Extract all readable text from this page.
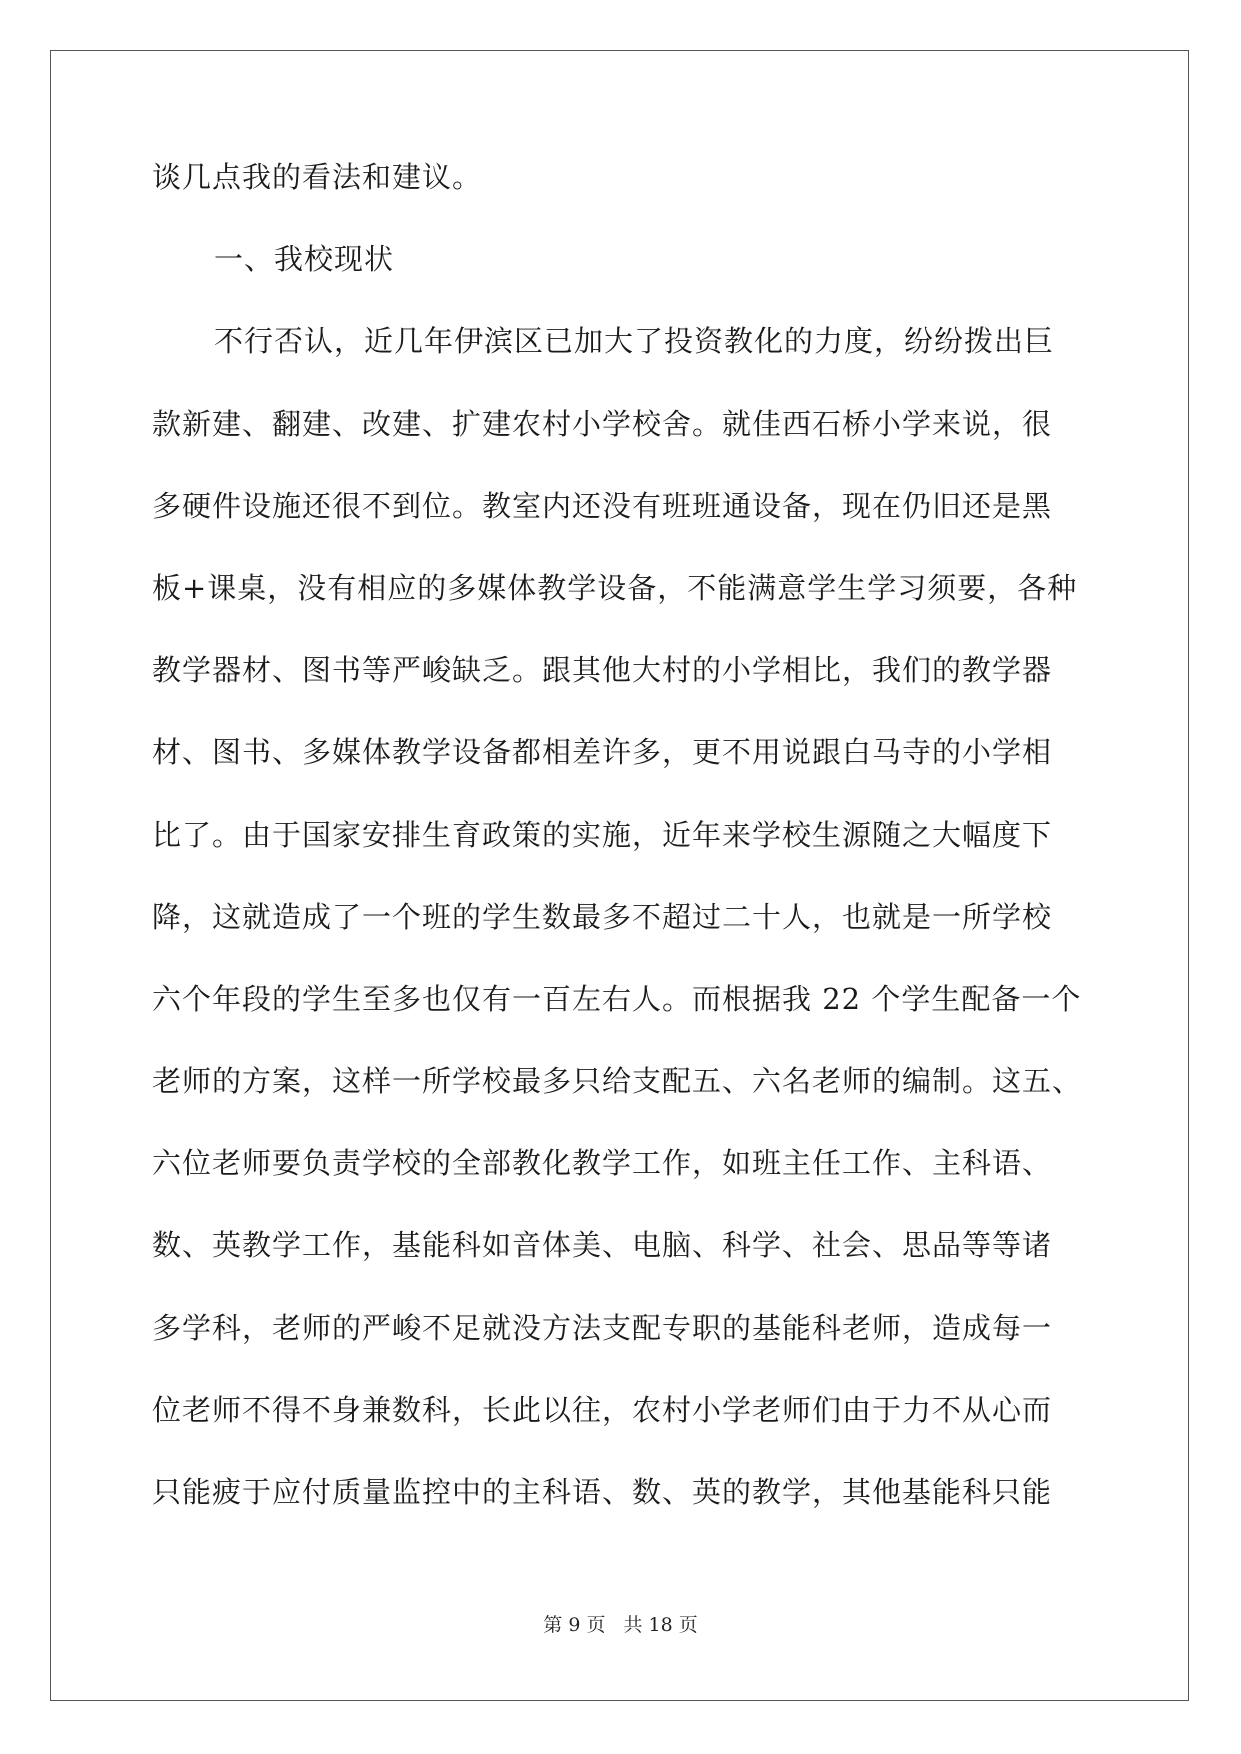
谈几点我的看法和建议。
一、我校现状
不行否认，近几年伊滨区已加大了投资教化的力度，纷纷拨出巨
款新建、翻建、改建、扩建农村小学校舍。就佳西石桥小学来说，很
多硬件设施还很不到位。教室内还没有班班通设备，现在仍旧还是黑
板+课桌，没有相应的多媒体教学设备，不能满意学生学习须要，各种
教学器材、图书等严峻缺乏。跟其他大村的小学相比，我们的教学器
材、图书、多媒体教学设备都相差许多，更不用说跟白马寺的小学相
比了。由于国家安排生育政策的实施，近年来学校生源随之大幅度下
降，这就造成了一个班的学生数最多不超过二十人，也就是一所学校
六个年段的学生至多也仅有一百左右人。而根据我 22 个学生配备一个
老师的方案，这样一所学校最多只给支配五、六名老师的编制。这五、
六位老师要负责学校的全部教化教学工作，如班主任工作、主科语、
数、英教学工作，基能科如音体美、电脑、科学、社会、思品等等诸
多学科，老师的严峻不足就没方法支配专职的基能科老师，造成每一
位老师不得不身兼数科，长此以往，农村小学老师们由于力不从心而
只能疲于应付质量监控中的主科语、数、英的教学，其他基能科只能
第 9 页 共 18 页
